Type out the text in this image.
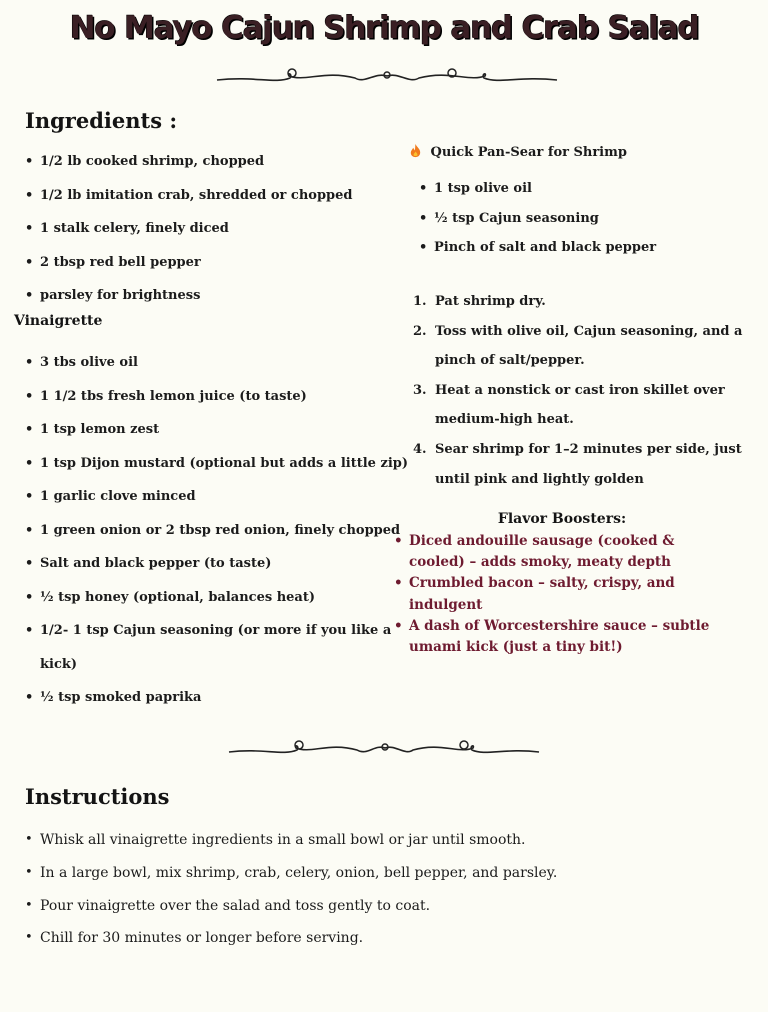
No Mayo Cajun Shrimp and Crab Salad
Ingredients :
• 1/2 lb cooked shrimp, chopped
• 1/2 lb imitation crab, shredded or chopped
• 1 stalk celery, finely diced
• 2 tbsp red bell pepper
• parsley for brightness
Vinaigrette
• 3 tbs olive oil
• 1 1/2 tbs fresh lemon juice (to taste)
• 1 tsp lemon zest
• 1 tsp Dijon mustard (optional but adds a little zip)
• 1 garlic clove minced
• 1 green onion or 2 tbsp red onion, finely chopped
• Salt and black pepper (to taste)
• ½ tsp honey (optional, balances heat)
• 1/2- 1 tsp Cajun seasoning (or more if you like a
kick)
• ½ tsp smoked paprika
Quick Pan-Sear for Shrimp
• 1 tsp olive oil
• ½ tsp Cajun seasoning
• Pinch of salt and black pepper
1. Pat shrimp dry.
2. Toss with olive oil, Cajun seasoning, and a pinch of salt/pepper.
3. Heat a nonstick or cast iron skillet over medium-high heat.
4. Sear shrimp for 1–2 minutes per side, just until pink and lightly golden
Flavor Boosters:
• Diced andouille sausage (cooked & cooled) – adds smoky, meaty depth
• Crumbled bacon – salty, crispy, and indulgent
• A dash of Worcestershire sauce – subtle umami kick (just a tiny bit!)
Instructions
• Whisk all vinaigrette ingredients in a small bowl or jar until smooth.
• In a large bowl, mix shrimp, crab, celery, onion, bell pepper, and parsley.
• Pour vinaigrette over the salad and toss gently to coat.
• Chill for 30 minutes or longer before serving.
